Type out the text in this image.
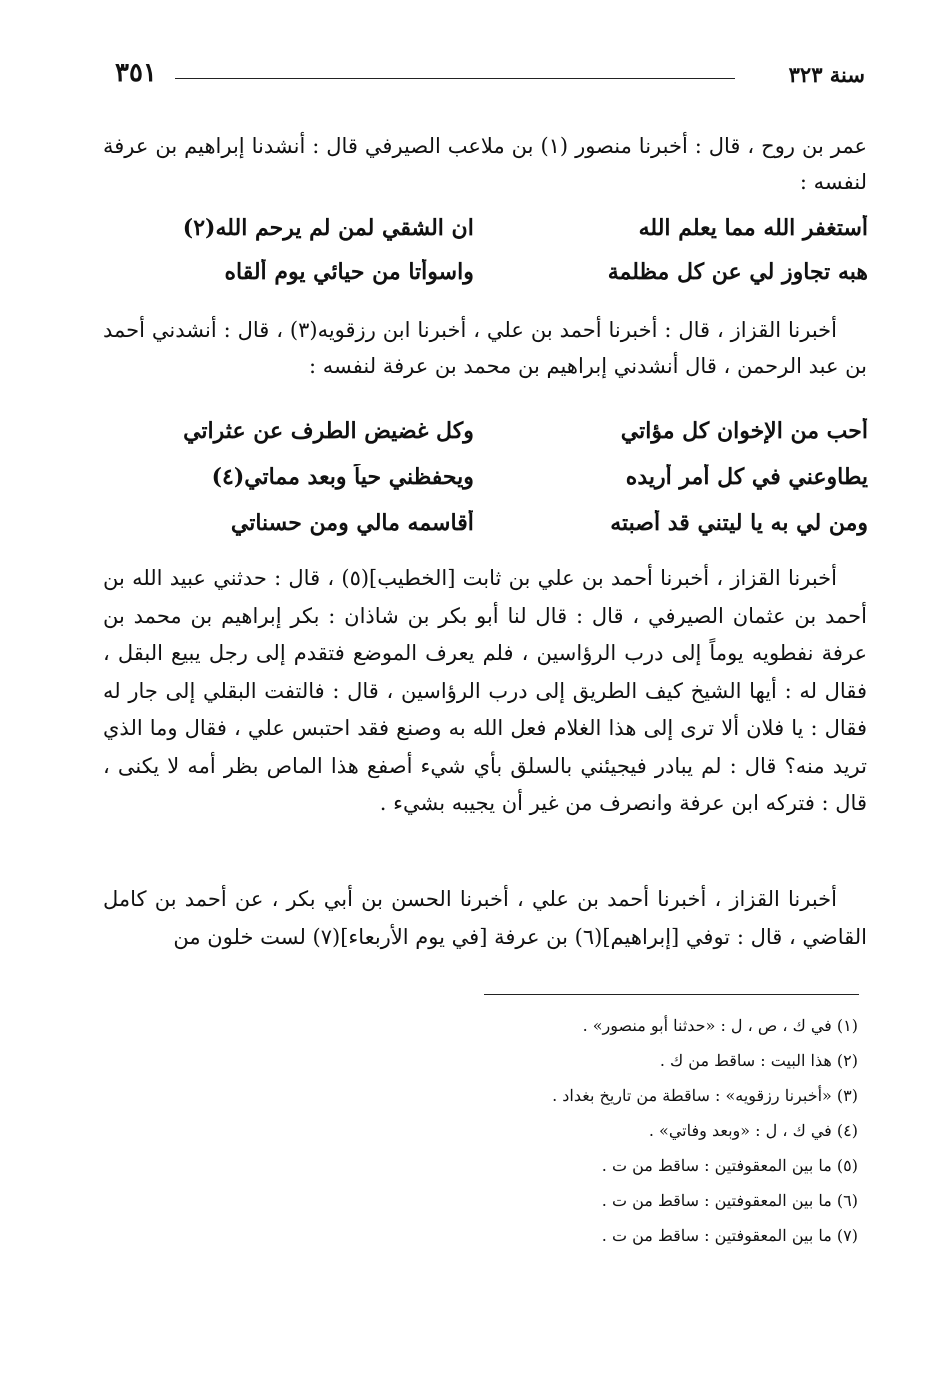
سنة ٣٢٣
٣٥١
عمر بن روح ، قال : أخبرنا منصور (١) بن ملاعب الصيرفي قال : أنشدنا إبراهيم بن عرفة لنفسه :
أستغفر الله مما يعلم الله
ان الشقي لمن لم يرحم الله(٢)
هبه تجاوز لي عن كل مظلمة
واسوأتا من حيائي يوم ألقاه
أخبرنا القزاز ، قال : أخبرنا أحمد بن علي ، أخبرنا ابن رزقويه(٣) ، قال : أنشدني أحمد بن عبد الرحمن ، قال أنشدني إبراهيم بن محمد بن عرفة لنفسه :
أحب من الإخوان كل مؤاتي
وكل غضيض الطرف عن عثراتي
يطاوعني في كل أمر أريده
ويحفظني حياً وبعد مماتي(٤)
ومن لي به يا ليتني قد أصبته
أقاسمه مالي ومن حسناتي
أخبرنا القزاز ، أخبرنا أحمد بن علي بن ثابت [الخطيب](٥) ، قال : حدثني عبيد الله بن أحمد بن عثمان الصيرفي ، قال : قال لنا أبو بكر بن شاذان : بكر إبراهيم بن محمد بن عرفة نفطويه يوماً إلى درب الرؤاسين ، فلم يعرف الموضع فتقدم إلى رجل يبيع البقل ، فقال له : أيها الشيخ كيف الطريق إلى درب الرؤاسين ، قال : فالتفت البقلي إلى جار له فقال : يا فلان ألا ترى إلى هذا الغلام فعل الله به وصنع فقد احتبس علي ، فقال وما الذي تريد منه؟ قال : لم يبادر فيجيئني بالسلق بأي شيء أصفع هذا الماص بظر أمه لا يكنى ، قال : فتركه ابن عرفة وانصرف من غير أن يجيبه بشيء .
أخبرنا القزاز ، أخبرنا أحمد بن علي ، أخبرنا الحسن بن أبي بكر ، عن أحمد بن كامل القاضي ، قال : توفي [إبراهيم](٦) بن عرفة [في يوم الأربعاء](٧) لست خلون من
(١) في ك ، ص ، ل : «حدثنا أبو منصور» .
(٢) هذا البيت : ساقط من ك .
(٣) «أخبرنا رزقويه» : ساقطة من تاريخ بغداد .
(٤) في ك ، ل : «وبعد وفاتي» .
(٥) ما بين المعقوفتين : ساقط من ت .
(٦) ما بين المعقوفتين : ساقط من ت .
(٧) ما بين المعقوفتين : ساقط من ت .
